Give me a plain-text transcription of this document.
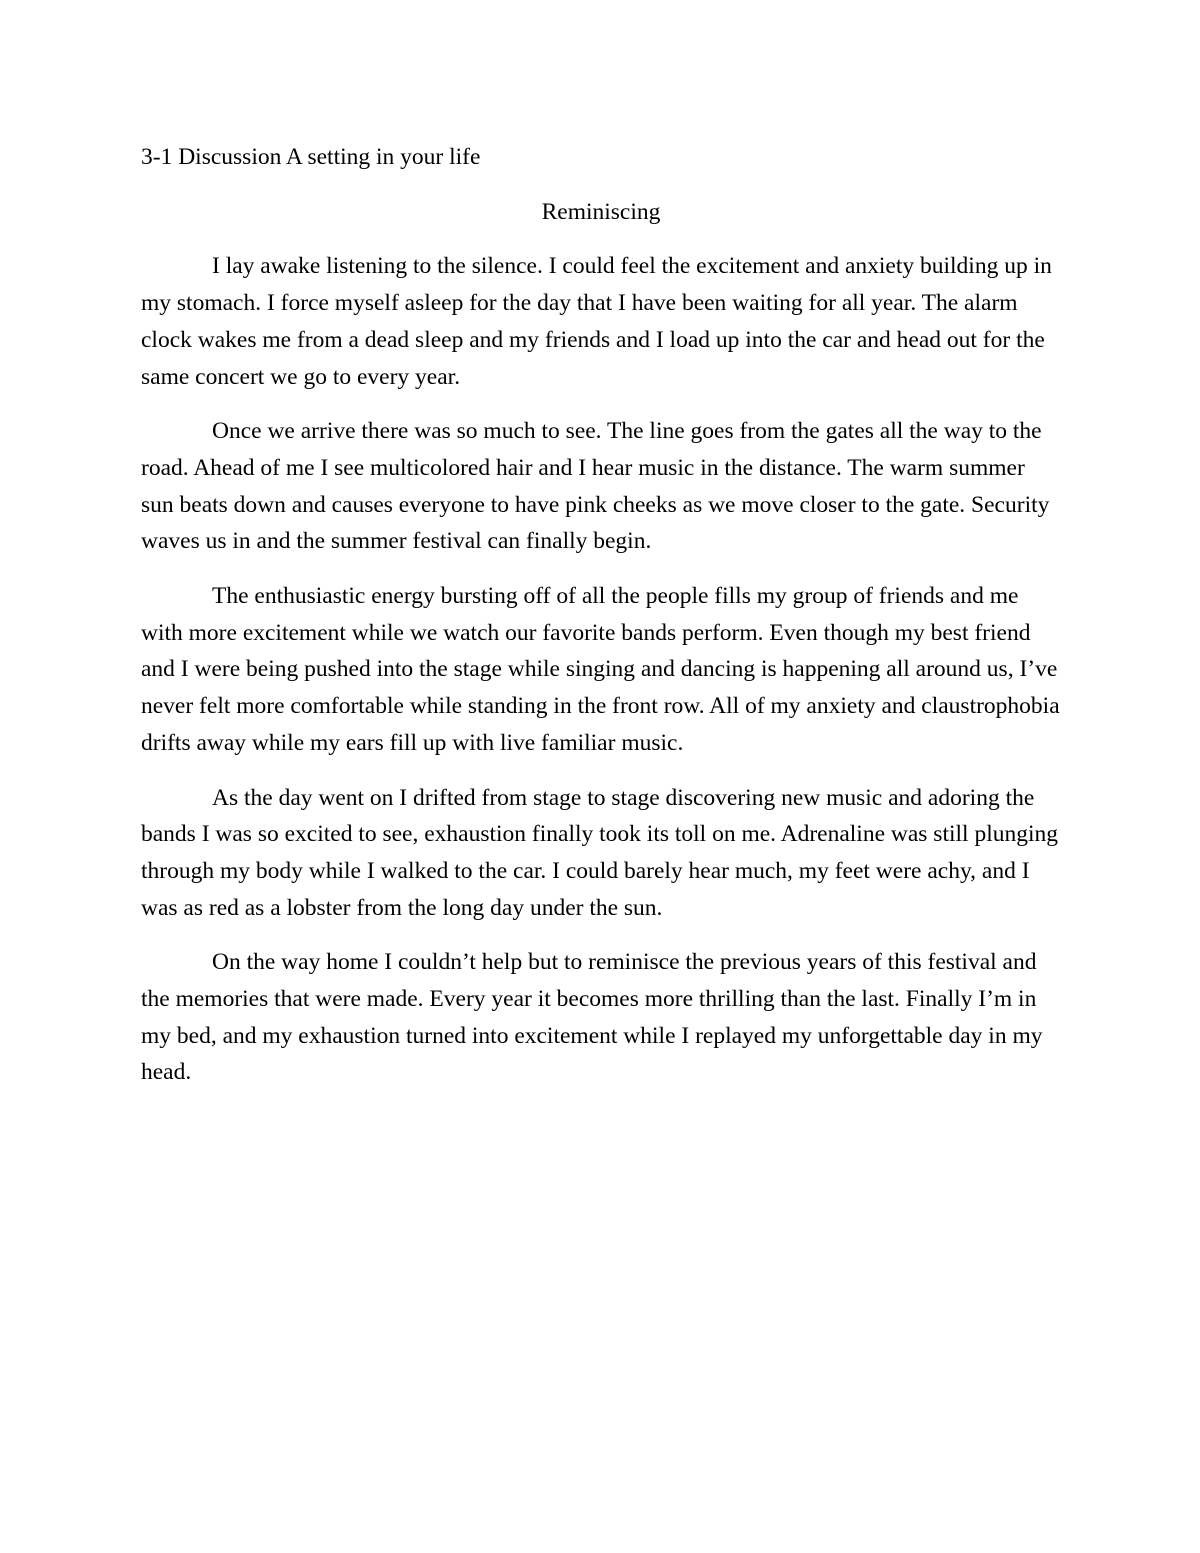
3-1 Discussion A setting in your life

Reminiscing

I lay awake listening to the silence. I could feel the excitement and anxiety building up in my stomach. I force myself asleep for the day that I have been waiting for all year. The alarm clock wakes me from a dead sleep and my friends and I load up into the car and head out for the same concert we go to every year.

Once we arrive there was so much to see. The line goes from the gates all the way to the road. Ahead of me I see multicolored hair and I hear music in the distance. The warm summer sun beats down and causes everyone to have pink cheeks as we move closer to the gate. Security waves us in and the summer festival can finally begin.

The enthusiastic energy bursting off of all the people fills my group of friends and me with more excitement while we watch our favorite bands perform. Even though my best friend and I were being pushed into the stage while singing and dancing is happening all around us, I’ve never felt more comfortable while standing in the front row. All of my anxiety and claustrophobia drifts away while my ears fill up with live familiar music.

As the day went on I drifted from stage to stage discovering new music and adoring the bands I was so excited to see, exhaustion finally took its toll on me. Adrenaline was still plunging through my body while I walked to the car. I could barely hear much, my feet were achy, and I was as red as a lobster from the long day under the sun.

On the way home I couldn’t help but to reminisce the previous years of this festival and the memories that were made. Every year it becomes more thrilling than the last. Finally I’m in my bed, and my exhaustion turned into excitement while I replayed my unforgettable day in my head.
